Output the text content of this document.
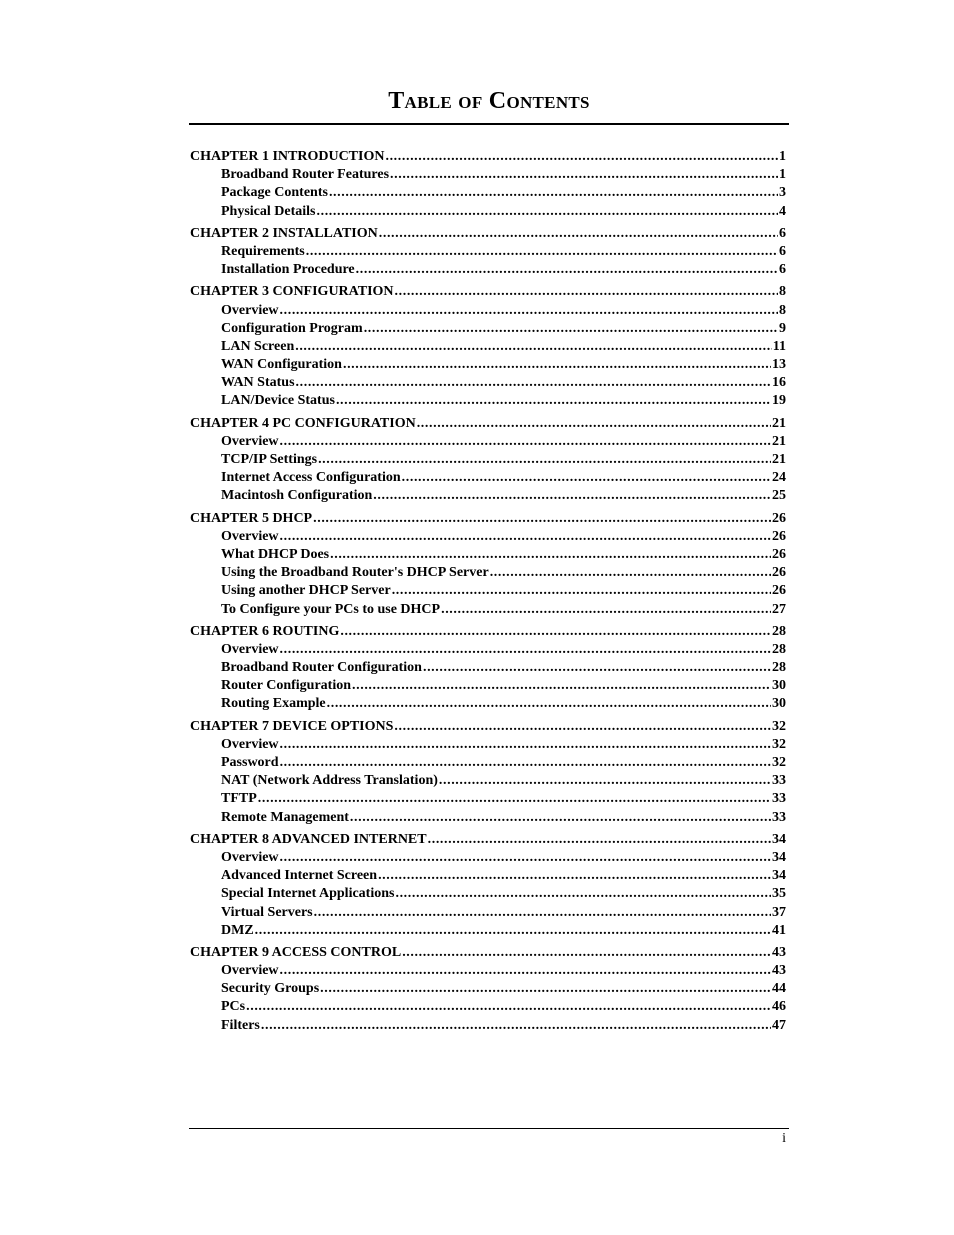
Table of Contents
CHAPTER 1 INTRODUCTION .....	1
Broadband Router Features .....	1
Package Contents .....	3
Physical Details .....	4
CHAPTER 2 INSTALLATION .....	6
Requirements .....	6
Installation Procedure .....	6
CHAPTER 3 CONFIGURATION .....	8
Overview .....	8
Configuration Program .....	9
LAN Screen .....	11
WAN Configuration .....	13
WAN Status .....	16
LAN/Device Status .....	19
CHAPTER 4 PC CONFIGURATION .....	21
Overview .....	21
TCP/IP Settings .....	21
Internet Access Configuration .....	24
Macintosh Configuration .....	25
CHAPTER 5 DHCP .....	26
Overview .....	26
What DHCP Does .....	26
Using the Broadband Router's DHCP Server .....	26
Using another DHCP Server .....	26
To Configure your PCs to use DHCP .....	27
CHAPTER 6 ROUTING .....	28
Overview .....	28
Broadband Router Configuration .....	28
Router Configuration .....	30
Routing Example .....	30
CHAPTER 7 DEVICE OPTIONS .....	32
Overview .....	32
Password .....	32
NAT (Network Address Translation) .....	33
TFTP .....	33
Remote Management .....	33
CHAPTER 8 ADVANCED INTERNET .....	34
Overview .....	34
Advanced Internet Screen .....	34
Special Internet Applications .....	35
Virtual Servers .....	37
DMZ .....	41
CHAPTER 9 ACCESS CONTROL .....	43
Overview .....	43
Security Groups .....	44
PCs .....	46
Filters .....	47
i
